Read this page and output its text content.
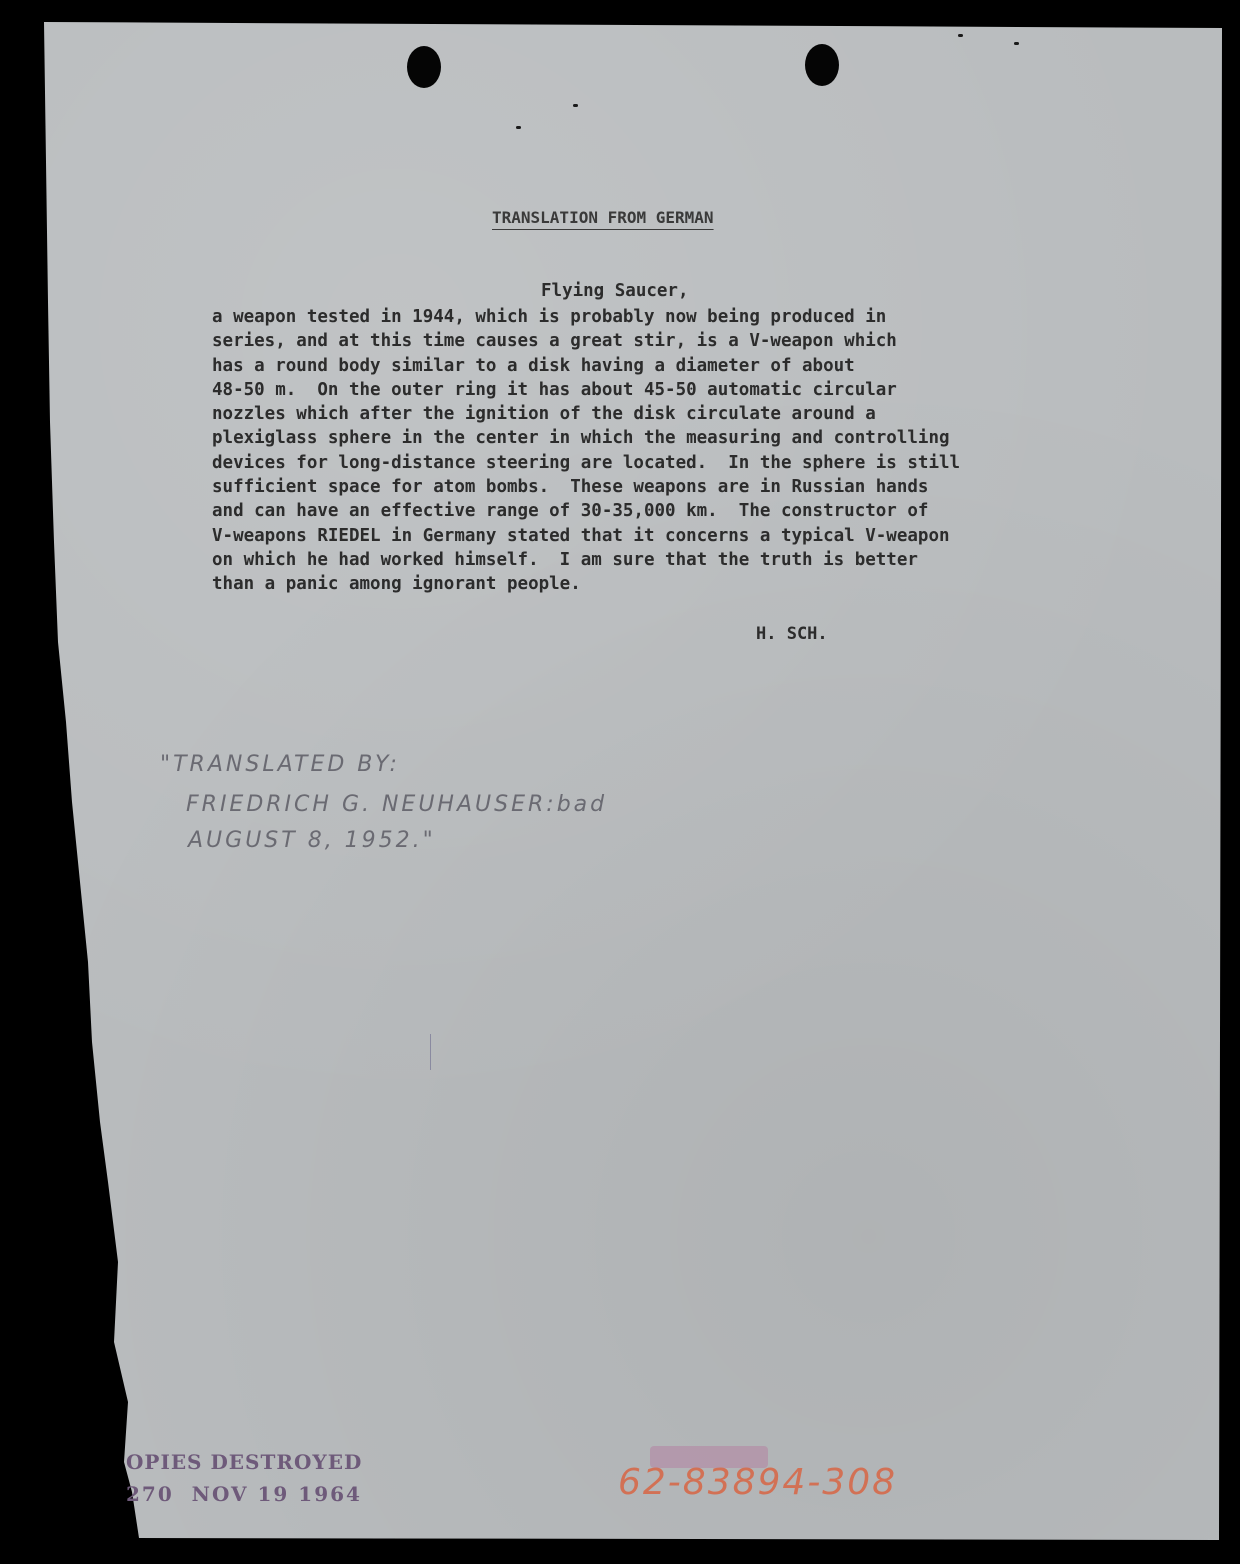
TRANSLATION FROM GERMAN
Flying Saucer,
a weapon tested in 1944, which is probably now being produced in
series, and at this time causes a great stir, is a V-weapon which
has a round body similar to a disk having a diameter of about
48-50 m.  On the outer ring it has about 45-50 automatic circular
nozzles which after the ignition of the disk circulate around a
plexiglass sphere in the center in which the measuring and controlling
devices for long-distance steering are located.  In the sphere is still
sufficient space for atom bombs.  These weapons are in Russian hands
and can have an effective range of 30-35,000 km.  The constructor of
V-weapons RIEDEL in Germany stated that it concerns a typical V-weapon
on which he had worked himself.  I am sure that the truth is better
than a panic among ignorant people.
H. SCH.
"TRANSLATED BY:
FRIEDRICH G. NEUHAUSER:bad
AUGUST 8, 1952."
OPIES DESTROYED
270  NOV 19 1964	62-83894-308
